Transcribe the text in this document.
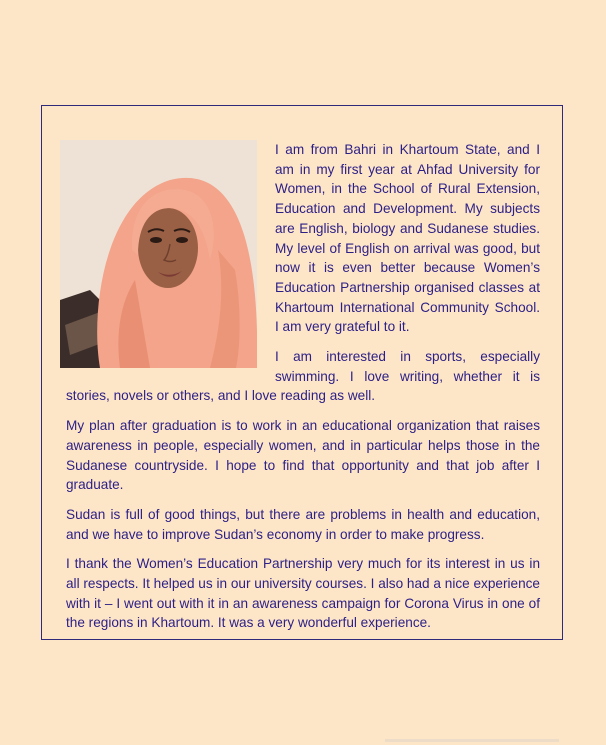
I am from Bahri in Khartoum State, and I am in my first year at Ahfad University for Women, in the School of Rural Extension, Education and Development. My subjects are English, biology and Sudanese studies. My level of English on arrival was good, but now it is even better because Women’s Education Partnership organised classes at Khartoum International Community School. I am very grateful to it.

I am interested in sports, especially swimming. I love writing, whether it is stories, novels or others, and I love reading as well.

My plan after graduation is to work in an educational organization that raises awareness in people, especially women, and in particular helps those in the Sudanese countryside. I hope to find that opportunity and that job after I graduate.

Sudan is full of good things, but there are problems in health and education, and we have to improve Sudan’s economy in order to make progress.

I thank the Women’s Education Partnership very much for its interest in us in all respects. It helped us in our university courses. I also had a nice experience with it – I went out with it in an awareness campaign for Corona Virus in one of the regions in Khartoum. It was a very wonderful experience.
